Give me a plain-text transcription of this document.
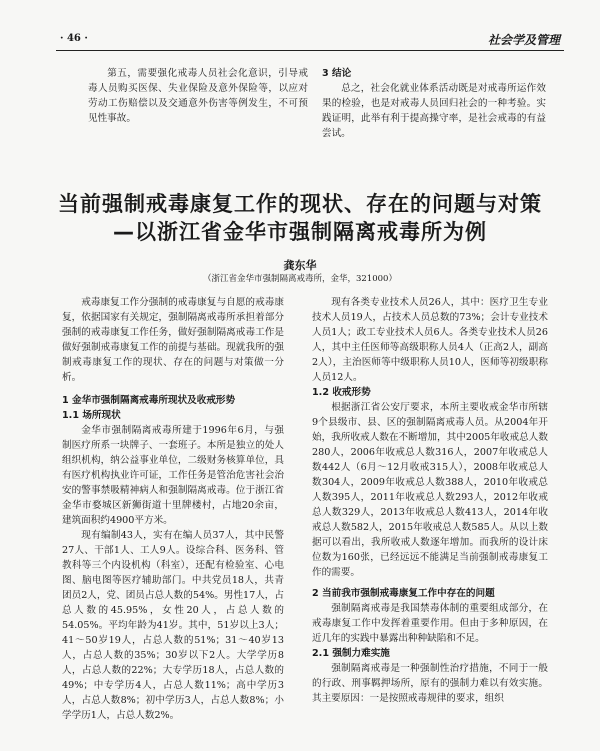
· 46 ·	社会学及管理

第五，需要强化戒毒人员社会化意识，引导戒毒人员购买医保、失业保险及意外保险等，以应对劳动工伤赔偿以及交通意外伤害等例发生，不可预见性事故。

3 结论

总之，社会化就业体系活动既是对戒毒所运作效果的检验，也是对戒毒人员回归社会的一种考验。实践证明，此举有利于提高操守率，是社会戒毒的有益尝试。

当前强制戒毒康复工作的现状、存在的问题与对策
—以浙江省金华市强制隔离戒毒所为例
龚东华
（浙江省金华市强制隔离戒毒所，金华，321000）

戒毒康复工作分强制的戒毒康复与自愿的戒毒康复，依据国家有关规定，强制隔离戒毒所承担着部分强制的戒毒康复工作任务，做好强制隔离戒毒工作是做好强制戒毒康复工作的前提与基础。现就我所的强制戒毒康复工作的现状、存在的问题与对策做一分析。

1 金华市强制隔离戒毒所现状及收戒形势

1.1 场所现状

金华市强制隔离戒毒所建于1996年6月，与强制医疗所系一块牌子、一套班子。本所是独立的处人组织机构，纳公益事业单位，二级财务核算单位，具有医疗机构执业许可证，工作任务是管治危害社会治安的警事禁吸精神病人和强制隔离戒毒。位于浙江省金华市婺城区新狮街道十里牌楼村，占地20余亩，建筑面积约4900平方米。

现有编制43人，实有在编人员37人，其中民警27人、干部1人、工人9人。设综合科、医务科、管教科等三个内设机构（科室），还配有检验室、心电图、脑电图等医疗辅助部门。中共党员18人，共青团员2人，党、团员占总人数的54%。男性17人，占总人数的45.95%，女性20人，占总人数的54.05%。平均年龄为41岁。其中，51岁以上3人；41～50岁19人，占总人数的51%；31～40岁13人，占总人数的35%；30岁以下2人。大学学历8人，占总人数的22%；大专学历18人，占总人数的49%；中专学历4人，占总人数11%；高中学历3人，占总人数8%；初中学历3人，占总人数8%；小学学历1人，占总人数2%。

现有各类专业技术人员26人，其中：医疗卫生专业技术人员19人，占技术人员总数的73%；会计专业技术人员1人；政工专业技术人员6人。各类专业技术人员26人，其中主任医师等高级职称人员4人（正高2人，副高2人），主治医师等中级职称人员10人，医师等初级职称人员12人。

1.2 收戒形势

根据浙江省公安厅要求，本所主要收戒金华市所辖9个县级市、县、区的强制隔离戒毒人员。从2004年开始，我所收戒人数在不断增加，其中2005年收戒总人数280人，2006年收戒总人数316人，2007年收戒总人数442人（6月～12月收戒315人），2008年收戒总人数304人，2009年收戒总人数388人，2010年收戒总人数395人，2011年收戒总人数293人，2012年收戒总人数329人，2013年收戒总人数413人，2014年收戒总人数582人，2015年收戒总人数585人。从以上数据可以看出，我所收戒人数逐年增加。而我所的设计床位数为160张，已经远远不能满足当前强制戒毒康复工作的需要。

2 当前我市强制戒毒康复工作中存在的问题

强制隔离戒毒是我国禁毒体制的重要组成部分，在戒毒康复工作中发挥着重要作用。但由于多种原因，在近几年的实践中暴露出种种缺陷和不足。

2.1 强制力难实施

强制隔离戒毒是一种强制性治疗措施，不同于一般的行政、刑事羁押场所，原有的强制力难以有效实施。其主要原因：一是按照戒毒规律的要求，组织
